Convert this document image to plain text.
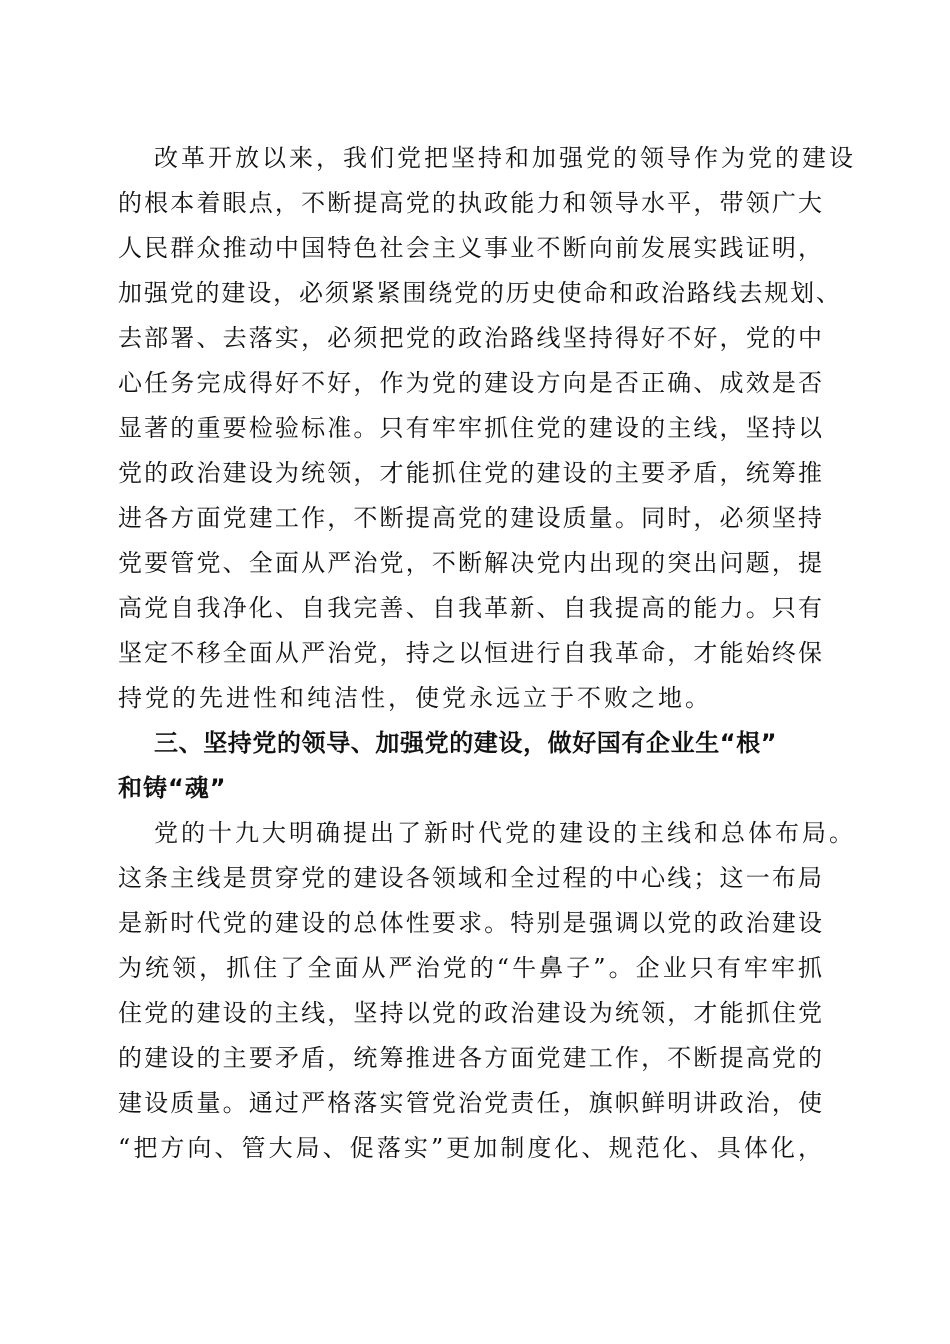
改革开放以来，我们党把坚持和加强党的领导作为党的建设
的根本着眼点，不断提高党的执政能力和领导水平，带领广大
人民群众推动中国特色社会主义事业不断向前发展实践证明，
加强党的建设，必须紧紧围绕党的历史使命和政治路线去规划、
去部署、去落实，必须把党的政治路线坚持得好不好，党的中
心任务完成得好不好，作为党的建设方向是否正确、成效是否
显著的重要检验标准。只有牢牢抓住党的建设的主线，坚持以
党的政治建设为统领，才能抓住党的建设的主要矛盾，统筹推
进各方面党建工作，不断提高党的建设质量。同时，必须坚持
党要管党、全面从严治党，不断解决党内出现的突出问题，提
高党自我净化、自我完善、自我革新、自我提高的能力。只有
坚定不移全面从严治党，持之以恒进行自我革命，才能始终保
持党的先进性和纯洁性，使党永远立于不败之地。
三、坚持党的领导、加强党的建设，做好国有企业生“根”
和铸“魂”
党的十九大明确提出了新时代党的建设的主线和总体布局。
这条主线是贯穿党的建设各领域和全过程的中心线；这一布局
是新时代党的建设的总体性要求。特别是强调以党的政治建设
为统领，抓住了全面从严治党的“牛鼻子”。企业只有牢牢抓
住党的建设的主线，坚持以党的政治建设为统领，才能抓住党
的建设的主要矛盾，统筹推进各方面党建工作，不断提高党的
建设质量。通过严格落实管党治党责任，旗帜鲜明讲政治，使
“把方向、管大局、促落实”更加制度化、规范化、具体化，
